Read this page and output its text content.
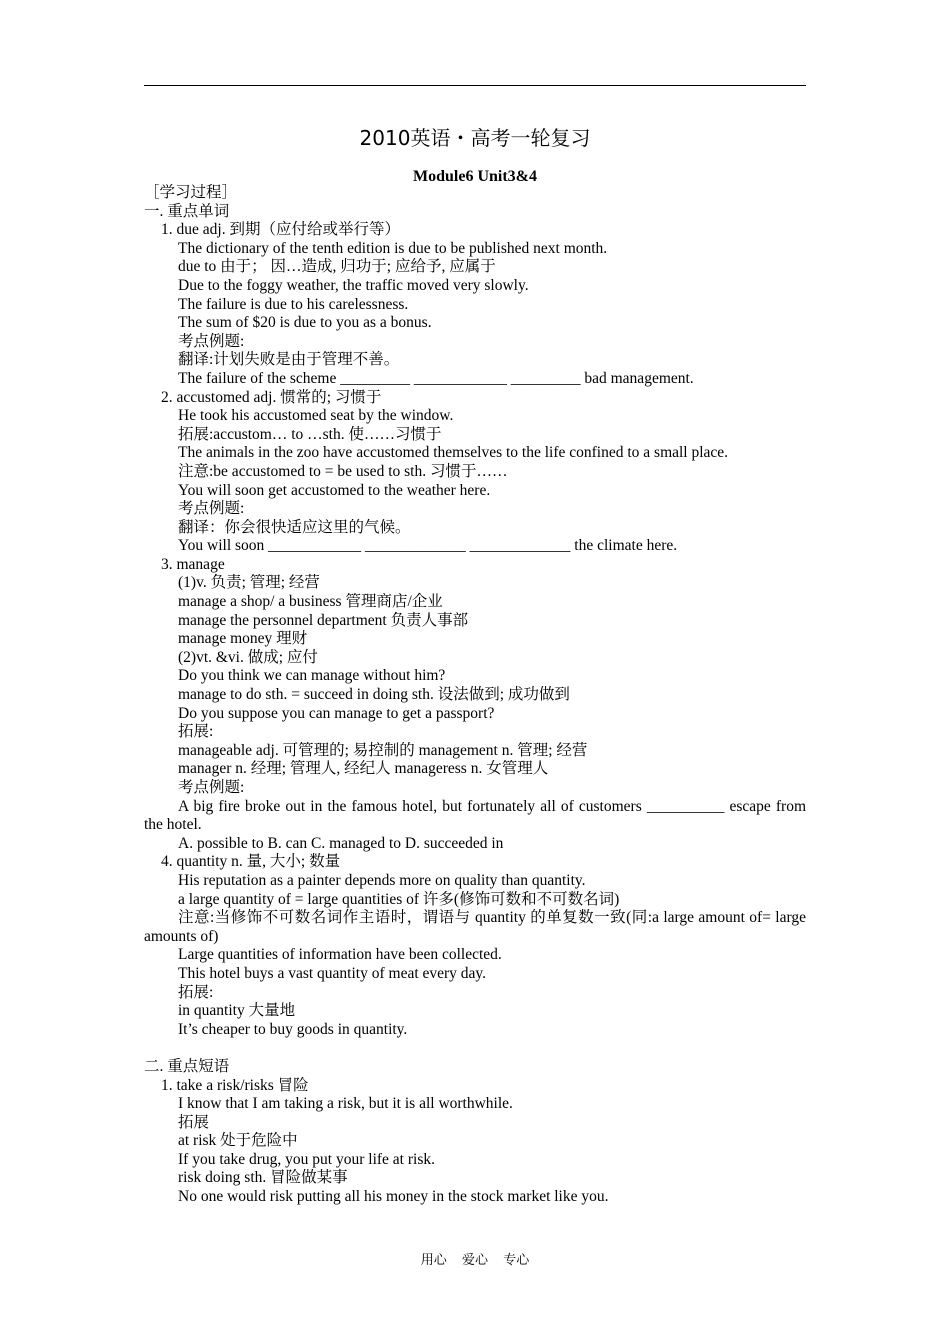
2010英语・高考一轮复习
Module6 Unit3&4
［学习过程］
一. 重点单词
1. due adj. 到期（应付给或举行等）
The dictionary of the tenth edition is due to be published next month.
due to 由于； 因…造成, 归功于; 应给予, 应属于
Due to the foggy weather, the traffic moved very slowly.
The failure is due to his carelessness.
The sum of $20 is due to you as a bonus.
考点例题:
翻译:计划失败是由于管理不善。
The failure of the scheme _________ ____________ _________ bad management.
2. accustomed adj. 惯常的; 习惯于
He took his accustomed seat by the window.
拓展:accustom… to …sth. 使……习惯于
The animals in the zoo have accustomed themselves to the life confined to a small place.
注意:be accustomed to = be used to sth. 习惯于……
You will soon get accustomed to the weather here.
考点例题:
翻译：你会很快适应这里的气候。
You will soon ____________ _____________ _____________ the climate here.
3. manage
(1)v. 负责; 管理; 经营
manage a shop/ a business 管理商店/企业
manage the personnel department 负责人事部
manage money 理财
(2)vt. &vi. 做成; 应付
Do you think we can manage without him?
manage to do sth. = succeed in doing sth. 设法做到; 成功做到
Do you suppose you can manage to get a passport?
拓展:
manageable adj. 可管理的; 易控制的 management n. 管理; 经营
manager n. 经理; 管理人, 经纪人 manageress n. 女管理人
考点例题:
A big fire broke out in the famous hotel, but fortunately all of customers __________ escape from the hotel.
A. possible to B. can C. managed to D. succeeded in
4. quantity n. 量, 大小; 数量
His reputation as a painter depends more on quality than quantity.
a large quantity of = large quantities of 许多(修饰可数和不可数名词)
注意:当修饰不可数名词作主语时，谓语与 quantity 的单复数一致(同:a large amount of= large amounts of)
Large quantities of information have been collected.
This hotel buys a vast quantity of meat every day.
拓展:
in quantity 大量地
It’s cheaper to buy goods in quantity.
二. 重点短语
1. take a risk/risks 冒险
I know that I am taking a risk, but it is all worthwhile.
拓展
at risk 处于危险中
If you take drug, you put your life at risk.
risk doing sth. 冒险做某事
No one would risk putting all his money in the stock market like you.
用心 爱心 专心
